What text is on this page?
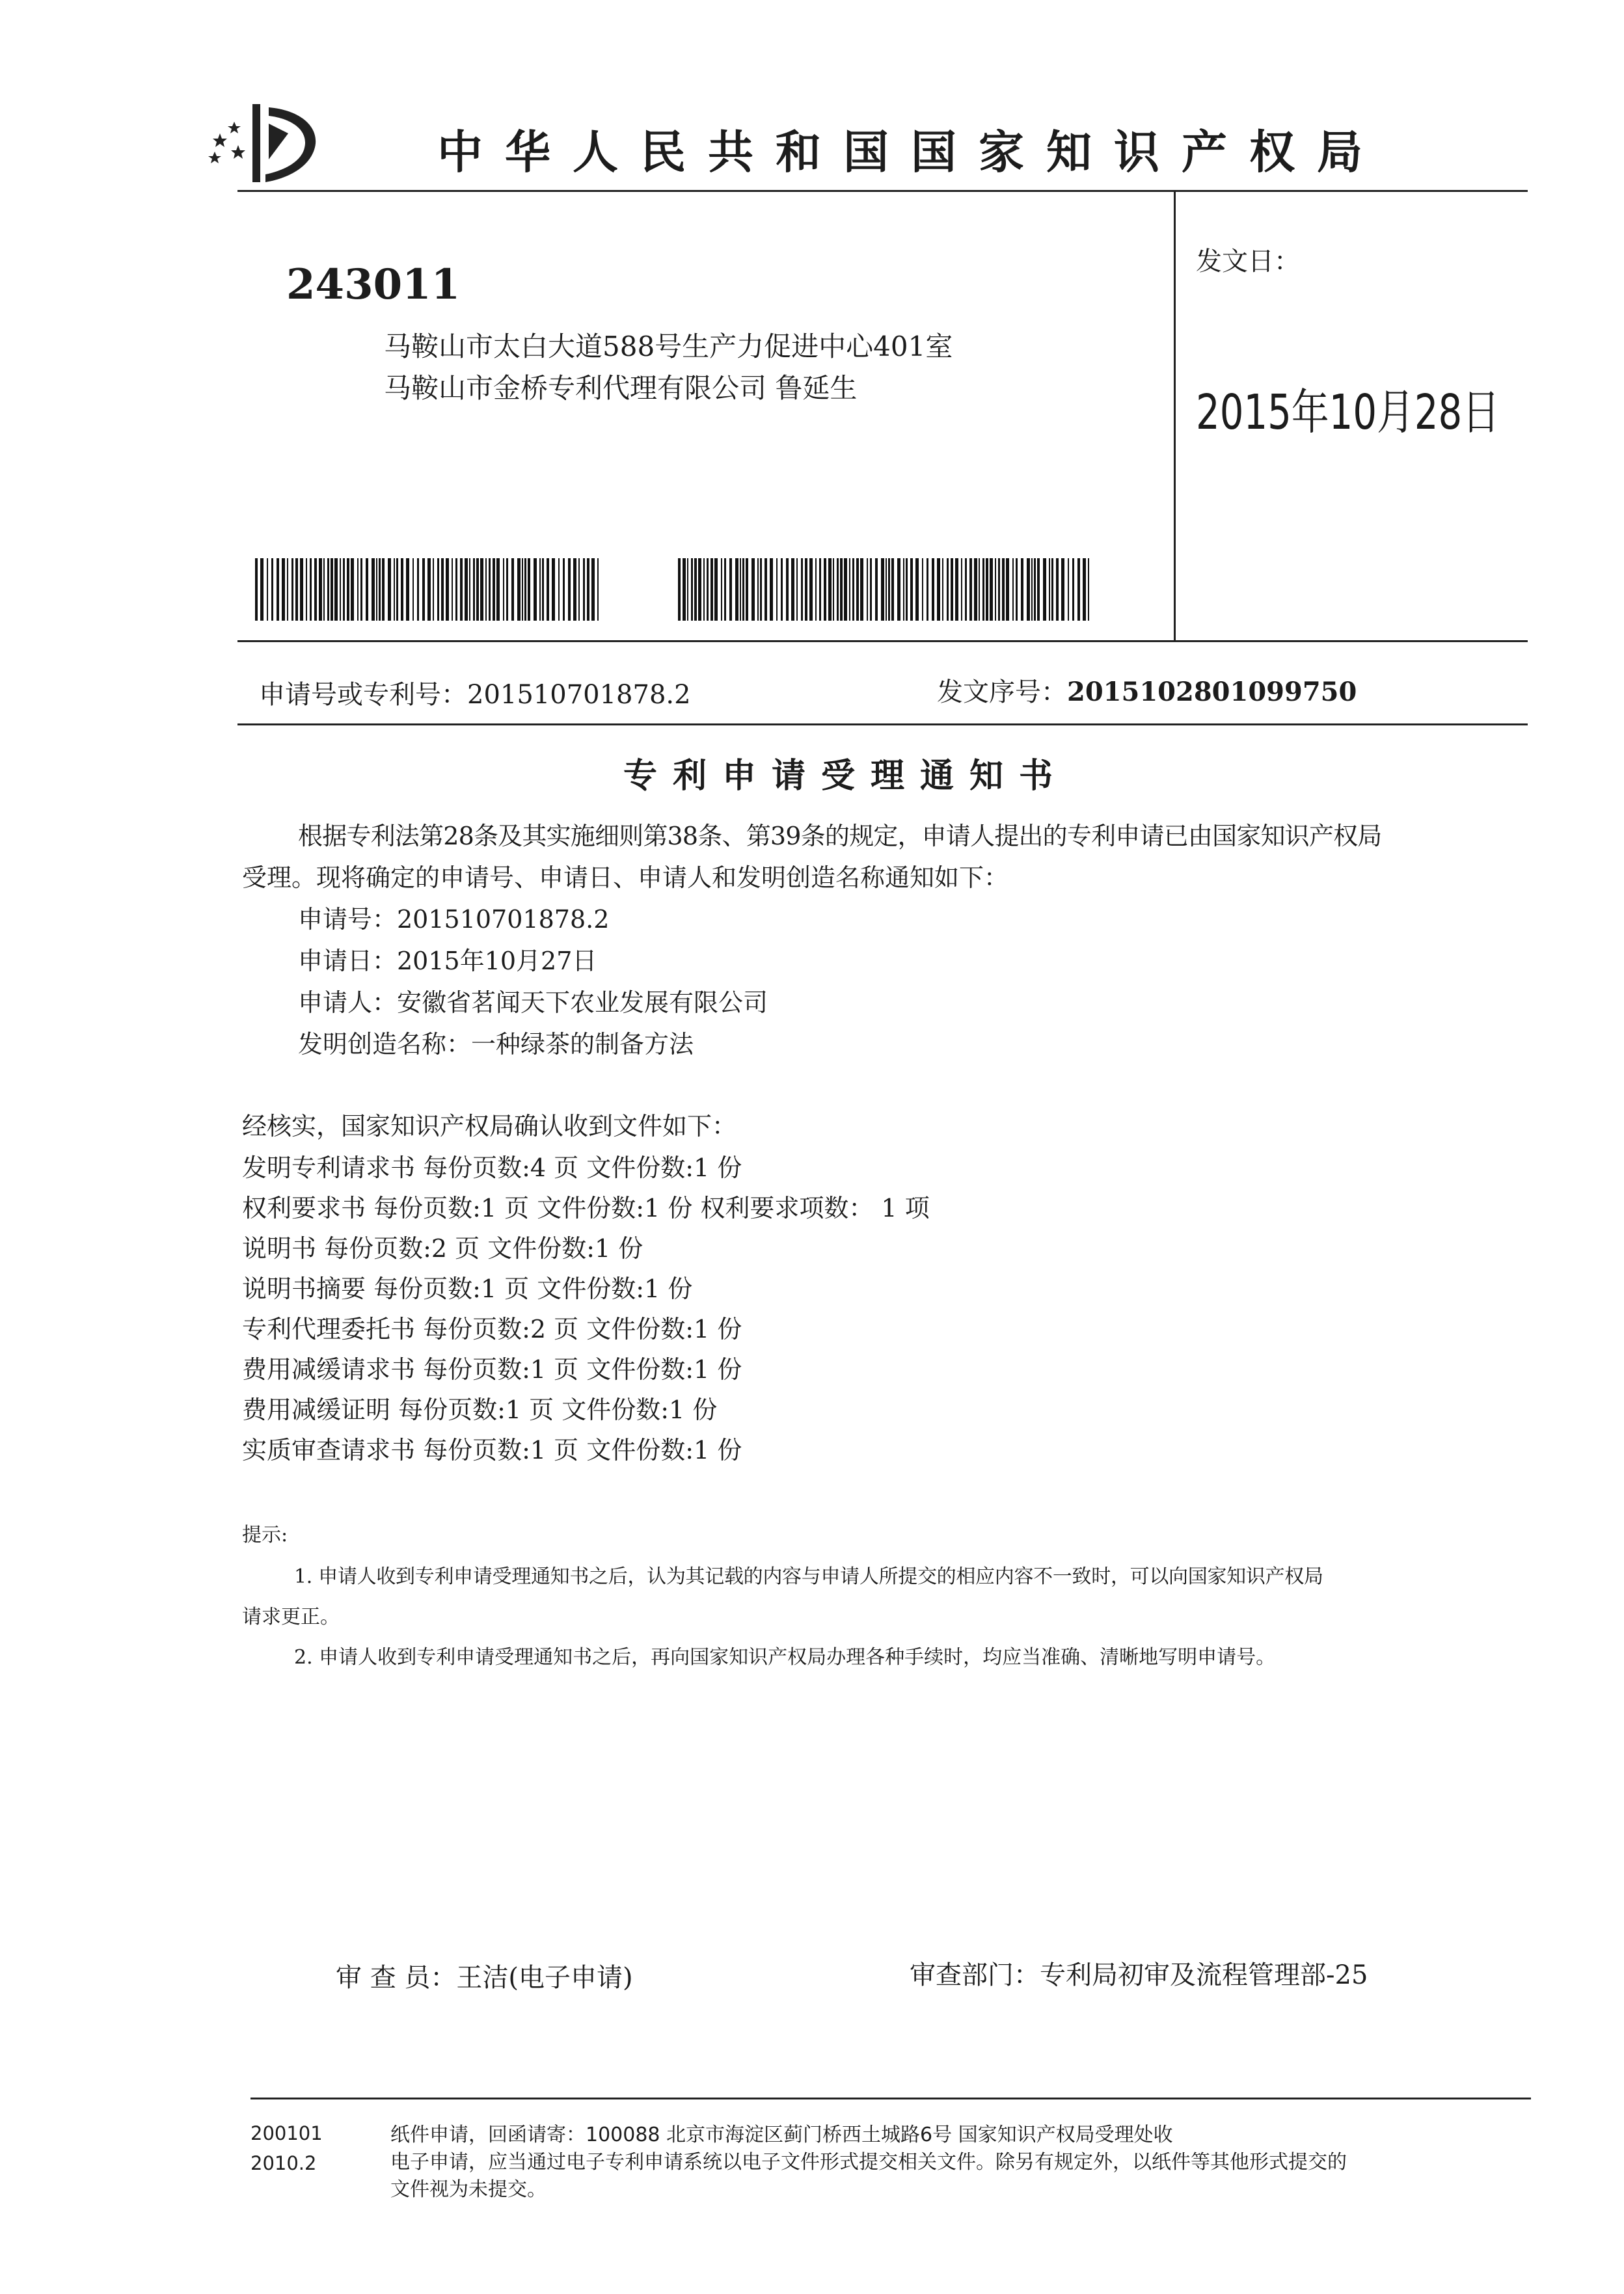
中华人民共和国国家知识产权局
243011
马鞍山市太白大道588号生产力促进中心401室
马鞍山市金桥专利代理有限公司 鲁延生
发文日：
2015年10月28日
申请号或专利号：201510701878.2	发文序号：2015102801099750
专利申请受理通知书
根据专利法第28条及其实施细则第38条、第39条的规定，申请人提出的专利申请已由国家知识产权局
受理。现将确定的申请号、申请日、申请人和发明创造名称通知如下：
申请号：201510701878.2
申请日：2015年10月27日
申请人：安徽省茗闻天下农业发展有限公司
发明创造名称：一种绿茶的制备方法
经核实，国家知识产权局确认收到文件如下：
发明专利请求书 每份页数:4 页 文件份数:1 份
权利要求书 每份页数:1 页 文件份数:1 份 权利要求项数： 1 项
说明书 每份页数:2 页 文件份数:1 份
说明书摘要 每份页数:1 页 文件份数:1 份
专利代理委托书 每份页数:2 页 文件份数:1 份
费用减缓请求书 每份页数:1 页 文件份数:1 份
费用减缓证明 每份页数:1 页 文件份数:1 份
实质审查请求书 每份页数:1 页 文件份数:1 份
提示:
1. 申请人收到专利申请受理通知书之后，认为其记载的内容与申请人所提交的相应内容不一致时，可以向国家知识产权局
请求更正。
2. 申请人收到专利申请受理通知书之后，再向国家知识产权局办理各种手续时，均应当准确、清晰地写明申请号。
审 查 员：王洁(电子申请)	审查部门：专利局初审及流程管理部-25
200101
2010.2
纸件申请，回函请寄：100088 北京市海淀区蓟门桥西土城路6号 国家知识产权局受理处收
电子申请，应当通过电子专利申请系统以电子文件形式提交相关文件。除另有规定外，以纸件等其他形式提交的
文件视为未提交。
